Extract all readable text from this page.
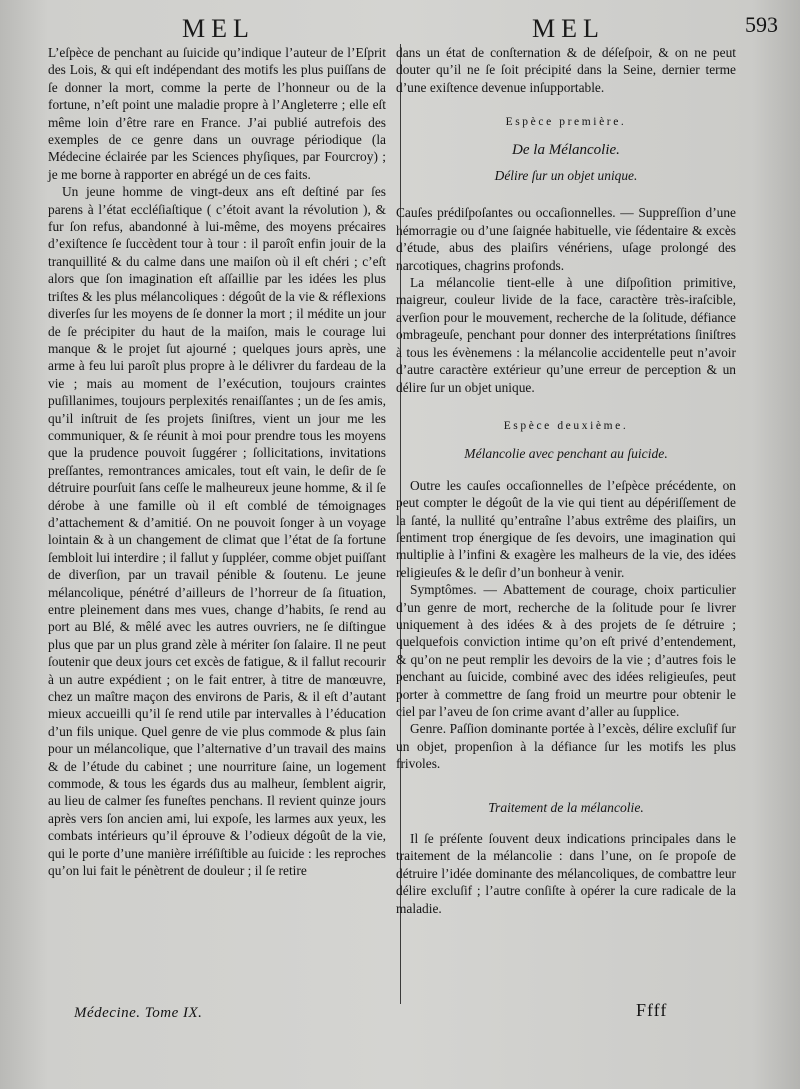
MEL	MEL	593

L’eſpèce de penchant au ſuicide qu’indique l’auteur de l’Eſprit des Lois, & qui eſt indépendant des motifs les plus puiſſans de ſe donner la mort, comme la perte de l’honneur ou de la fortune, n’eſt point une maladie propre à l’Angleterre ; elle eſt même loin d’être rare en France. J’ai publié autrefois des exemples de ce genre dans un ouvrage périodique (la Médecine éclairée par les Sciences phyſiques, par Fourcroy) ; je me borne à rapporter en abrégé un de ces faits.

Un jeune homme de vingt-deux ans eſt deſtiné par ſes parens à l’état eccléſiaſtique ( c’étoit avant la révolution ), & fur ſon refus, abandonné à lui-même, des moyens précaires d’exiſtence ſe ſuccèdent tour à tour : il paroît enfin jouir de la tranquillité & du calme dans une maiſon où il eſt chéri ; c’eſt alors que ſon imagination eſt aſſaillie par les idées les plus triſtes & les plus mélancoliques : dégoût de la vie & réflexions diverſes ſur les moyens de ſe donner la mort ; il médite un jour de ſe précipiter du haut de la maiſon, mais le courage lui manque & le projet ſut ajourné ; quelques jours après, une arme à feu lui paroît plus propre à le délivrer du fardeau de la vie ; mais au moment de l’exécution, toujours craintes puſillanimes, toujours perplexités renaiſſantes ; un de ſes amis, qu’il inſtruit de ſes projets ſiniſtres, vient un jour me les communiquer, & ſe réunit à moi pour prendre tous les moyens que la prudence pouvoit ſuggérer ; ſollicitations, invitations preſſantes, remontrances amicales, tout eſt vain, le deſir de ſe détruire pourſuit ſans ceſſe le malheureux jeune homme, & il ſe dérobe à une famille où il eſt comblé de témoignages d’attachement & d’amitié. On ne pouvoit ſonger à un voyage lointain & à un changement de climat que l’état de ſa fortune ſembloit lui interdire ; il fallut y ſuppléer, comme objet puiſſant de diverſion, par un travail pénible & ſoutenu. Le jeune mélancolique, pénétré d’ailleurs de l’horreur de ſa ſituation, entre pleinement dans mes vues, change d’habits, ſe rend au port au Blé, & mêlé avec les autres ouvriers, ne ſe diſtingue plus que par un plus grand zèle à mériter ſon ſalaire. Il ne peut ſoutenir que deux jours cet excès de fatigue, & il fallut recourir à un autre expédient ; on le fait entrer, à titre de manœuvre, chez un maître maçon des environs de Paris, & il eſt d’autant mieux accueilli qu’il ſe rend utile par intervalles à l’éducation d’un fils unique. Quel genre de vie plus commode & plus ſain pour un mélancolique, que l’alternative d’un travail des mains & de l’étude du cabinet ; une nourriture ſaine, un logement commode, & tous les égards dus au malheur, ſemblent aigrir, au lieu de calmer ſes funeſtes penchans. Il revient quinze jours après vers ſon ancien ami, lui expoſe, les larmes aux yeux, les combats intérieurs qu’il éprouve & l’odieux dégoût de la vie, qui le porte d’une manière irréſiſtible au ſuicide : les reproches qu’on lui fait le pénètrent de douleur ; il ſe retire

dans un état de conſternation & de déſeſpoir, & on ne peut douter qu’il ne ſe ſoit précipité dans la Seine, dernier terme d’une exiſtence devenue inſupportable.

Espèce première.
De la Mélancolie.
Délire ſur un objet unique.

Cauſes prédiſpoſantes ou occaſionnelles. — Suppreſſion d’une hémorragie ou d’une ſaignée habituelle, vie ſédentaire & excès d’étude, abus des plaiſirs vénériens, uſage prolongé des narcotiques, chagrins profonds.

La mélancolie tient-elle à une diſpoſition primitive, maigreur, couleur livide de la face, caractère très-iraſcible, averſion pour le mouvement, recherche de la ſolitude, défiance ombrageuſe, penchant pour donner des interprétations ſiniſtres à tous les évènemens : la mélancolie accidentelle peut n’avoir d’autre caractère extérieur qu’une erreur de perception & un délire ſur un objet unique.

Espèce deuxième.
Mélancolie avec penchant au ſuicide.

Outre les cauſes occaſionnelles de l’eſpèce précédente, on peut compter le dégoût de la vie qui tient au dépériſſement de la ſanté, la nullité qu’entraîne l’abus extrême des plaiſirs, un ſentiment trop énergique de ſes devoirs, une imagination qui multiplie à l’infini & exagère les malheurs de la vie, des idées religieuſes & le deſir d’un bonheur à venir.

Symptômes. — Abattement de courage, choix particulier d’un genre de mort, recherche de la ſolitude pour ſe livrer uniquement à des idées & à des projets de ſe détruire ; quelquefois conviction intime qu’on eſt privé d’entendement, & qu’on ne peut remplir les devoirs de la vie ; d’autres fois le penchant au ſuicide, combiné avec des idées religieuſes, peut porter à commettre de ſang froid un meurtre pour obtenir le ciel par l’aveu de ſon crime avant d’aller au ſupplice.

Genre. Paſſion dominante portée à l’excès, délire excluſif ſur un objet, propenſion à la défiance ſur les motifs les plus frivoles.

Traitement de la mélancolie.

Il ſe préſente ſouvent deux indications principales dans le traitement de la mélancolie : dans l’une, on ſe propoſe de détruire l’idée dominante des mélancoliques, de combattre leur délire excluſif ; l’autre conſiſte à opérer la cure radicale de la maladie.

Médecine. Tome IX.	Ffff
